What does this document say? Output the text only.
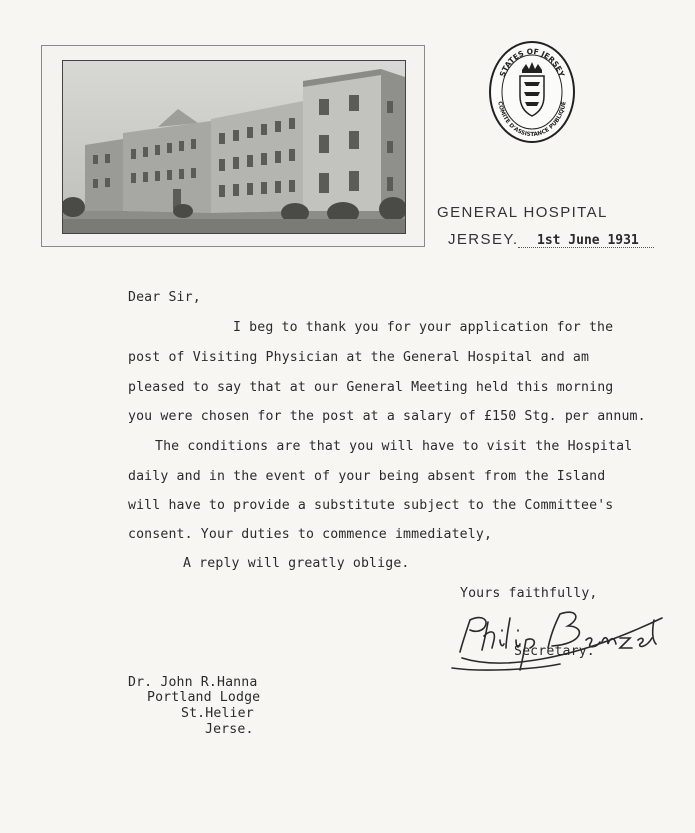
STATES OF JERSEY
COMITE D'ASSISTANCE PUBLIQUE
GENERAL HOSPITAL
JERSEY. 1st June 1931
Dear Sir,
I beg to thank you for your application for the
post of Visiting Physician at the General Hospital and am
pleased to say that at our General Meeting held this morning
you were chosen for the post at a salary of £150 Stg. per annum.
The conditions are that you will have to visit the Hospital
daily and in the event of your being absent from the Island
will have to provide a substitute subject to the Committee's
consent. Your duties to commence immediately,
A reply will greatly oblige.
Yours faithfully,
Secretary.
Dr. John R.Hanna
Portland Lodge
St.Helier
Jerse.
